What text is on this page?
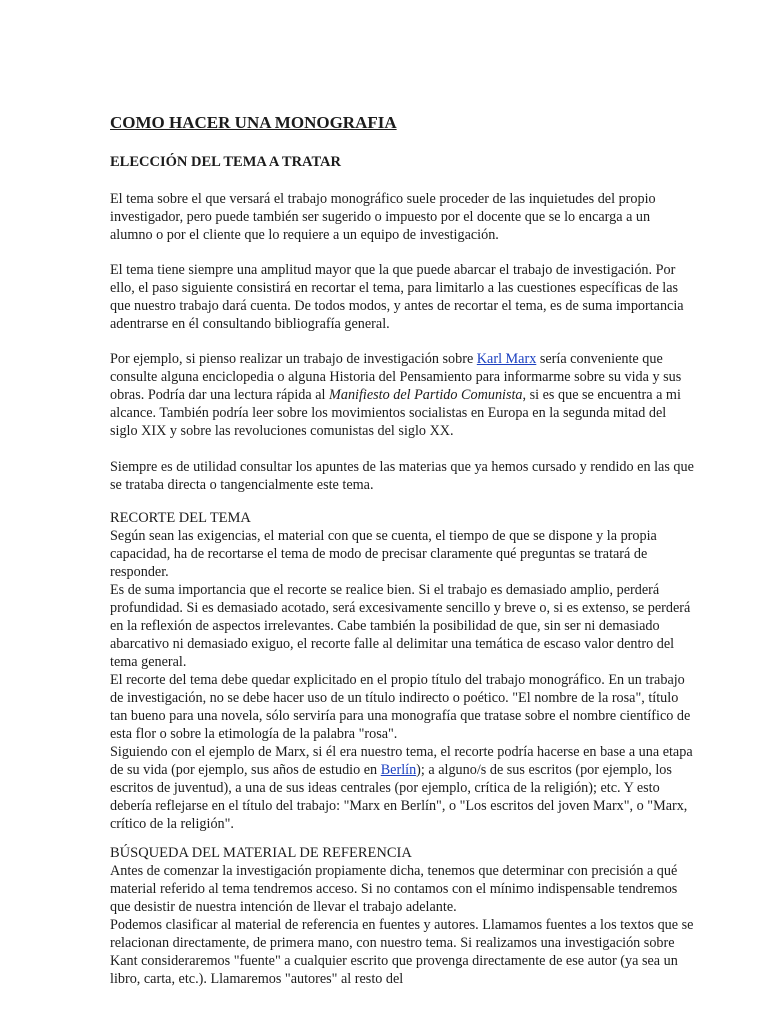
COMO HACER UNA MONOGRAFIA
ELECCIÓN DEL TEMA A TRATAR

El tema sobre el que versará el trabajo monográfico suele proceder de las inquietudes del propio investigador, pero puede también ser sugerido o impuesto por el docente que se lo encarga a un alumno o por el cliente que lo requiere a un equipo de investigación.

El tema tiene siempre una amplitud mayor que la que puede abarcar el trabajo de investigación. Por ello, el paso siguiente consistirá en recortar el tema, para limitarlo a las cuestiones específicas de las que nuestro trabajo dará cuenta. De todos modos, y antes de recortar el tema, es de suma importancia adentrarse en él consultando bibliografía general.

Por ejemplo, si pienso realizar un trabajo de investigación sobre Karl Marx sería conveniente que consulte alguna enciclopedia o alguna Historia del Pensamiento para informarme sobre su vida y sus obras. Podría dar una lectura rápida al Manifiesto del Partido Comunista, si es que se encuentra a mi alcance. También podría leer sobre los movimientos socialistas en Europa en la segunda mitad del siglo XIX y sobre las revoluciones comunistas del siglo XX.

Siempre es de utilidad consultar los apuntes de las materias que ya hemos cursado y rendido en las que se trataba directa o tangencialmente este tema.

RECORTE DEL TEMA
Según sean las exigencias, el material con que se cuenta, el tiempo de que se dispone y la propia capacidad, ha de recortarse el tema de modo de precisar claramente qué preguntas se tratará de responder.
Es de suma importancia que el recorte se realice bien. Si el trabajo es demasiado amplio, perderá profundidad. Si es demasiado acotado, será excesivamente sencillo y breve o, si es extenso, se perderá en la reflexión de aspectos irrelevantes. Cabe también la posibilidad de que, sin ser ni demasiado abarcativo ni demasiado exiguo, el recorte falle al delimitar una temática de escaso valor dentro del tema general.
El recorte del tema debe quedar explicitado en el propio título del trabajo monográfico. En un trabajo de investigación, no se debe hacer uso de un título indirecto o poético. "El nombre de la rosa", título tan bueno para una novela, sólo serviría para una monografía que tratase sobre el nombre científico de esta flor o sobre la etimología de la palabra "rosa".
Siguiendo con el ejemplo de Marx, si él era nuestro tema, el recorte podría hacerse en base a una etapa de su vida (por ejemplo, sus años de estudio en Berlín); a alguno/s de sus escritos (por ejemplo, los escritos de juventud), a una de sus ideas centrales (por ejemplo, crítica de la religión); etc. Y esto debería reflejarse en el título del trabajo: "Marx en Berlín", o "Los escritos del joven Marx", o "Marx, crítico de la religión".
BÚSQUEDA DEL MATERIAL DE REFERENCIA
Antes de comenzar la investigación propiamente dicha, tenemos que determinar con precisión a qué material referido al tema tendremos acceso. Si no contamos con el mínimo indispensable tendremos que desistir de nuestra intención de llevar el trabajo adelante.
Podemos clasificar al material de referencia en fuentes y autores. Llamamos fuentes a los textos que se relacionan directamente, de primera mano, con nuestro tema. Si realizamos una investigación sobre Kant consideraremos "fuente" a cualquier escrito que provenga directamente de ese autor (ya sea un libro, carta, etc.). Llamaremos "autores" al resto del
